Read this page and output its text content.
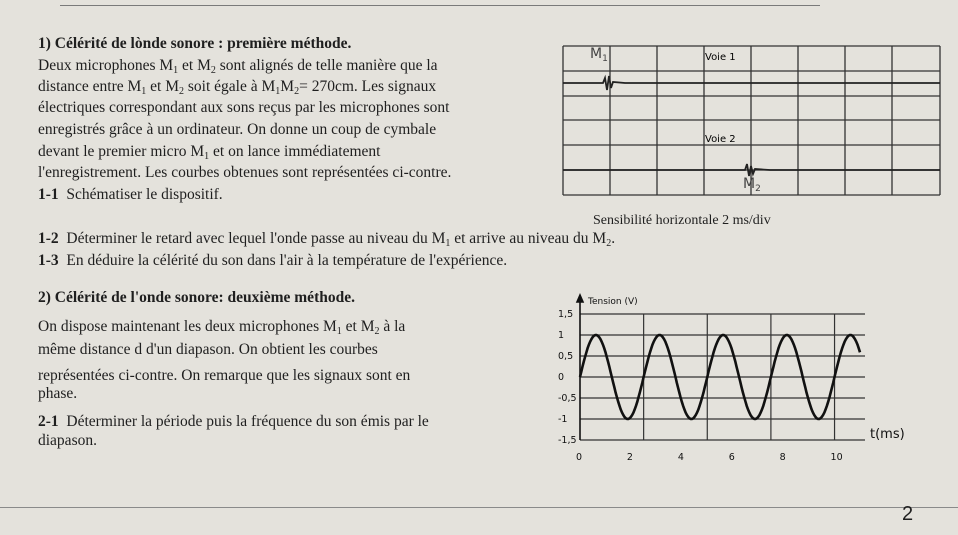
1) Célérité de lònde sonore : première méthode.
Deux microphones $M_1$ et $M_2$ sont alignés de telle manière que la
distance entre $M_1$ et $M_2$ soit égale à $M_1M_2= 270cm$. Les signaux
électriques correspondant aux sons reçus par les microphones sont
enregistrés grâce à un ordinateur. On donne un coup de cymbale
devant le premier micro $M_1$ et on lance immédiatement
l'enregistrement. Les courbes obtenues sont représentées ci-contre.
1-1 Schématiser le dispositif.
Voie 1
Voie 2
$M_1$
$M_2$
Sensibilité horizontale 2 ms/div
1-2 Déterminer le retard avec lequel l'onde passe au niveau du $M_1$ et arrive au niveau du $M_2$.
1-3 En déduire la célérité du son dans l'air à la température de l'expérience.
2) Célérité de l'onde sonore: deuxième méthode.
On dispose maintenant les deux microphones $M_1$ et $M_2$ à la
même distance d d'un diapason. On obtient les courbes
représentées ci-contre. On remarque que les signaux sont en
phase.
2-1 Déterminer la période puis la fréquence du son émis par le
diapason.
1,5
1
0,5
0
-0,5
-1
-1,5
0	2	4	6	8	10
Tension (V)
t(ms)
2
